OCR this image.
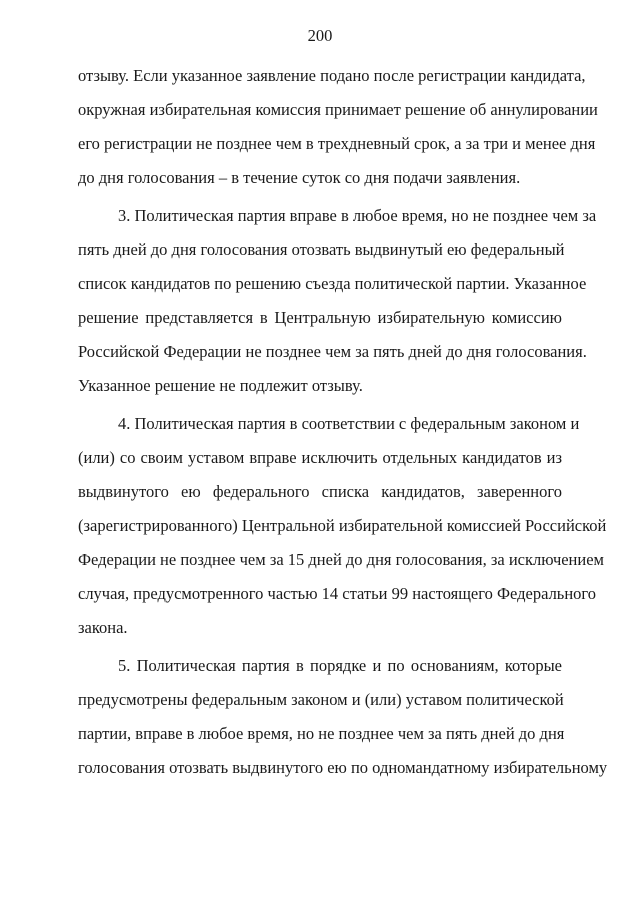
200
отзыву. Если указанное заявление подано после регистрации кандидата,
окружная избирательная комиссия принимает решение об аннулировании
его регистрации не позднее чем в трехдневный срок, а за три и менее дня
до дня голосования – в течение суток со дня подачи заявления.
3. Политическая партия вправе в любое время, но не позднее чем за
пять дней до дня голосования отозвать выдвинутый ею федеральный
список кандидатов по решению съезда политической партии. Указанное
решение представляется в Центральную избирательную комиссию
Российской Федерации не позднее чем за пять дней до дня голосования.
Указанное решение не подлежит отзыву.
4. Политическая партия в соответствии с федеральным законом и
(или) со своим уставом вправе исключить отдельных кандидатов из
выдвинутого ею федерального списка кандидатов, заверенного
(зарегистрированного) Центральной избирательной комиссией Российской
Федерации не позднее чем за 15 дней до дня голосования, за исключением
случая, предусмотренного частью 14 статьи 99 настоящего Федерального
закона.
5. Политическая партия в порядке и по основаниям, которые
предусмотрены федеральным законом и (или) уставом политической
партии, вправе в любое время, но не позднее чем за пять дней до дня
голосования отозвать выдвинутого ею по одномандатному избирательному
